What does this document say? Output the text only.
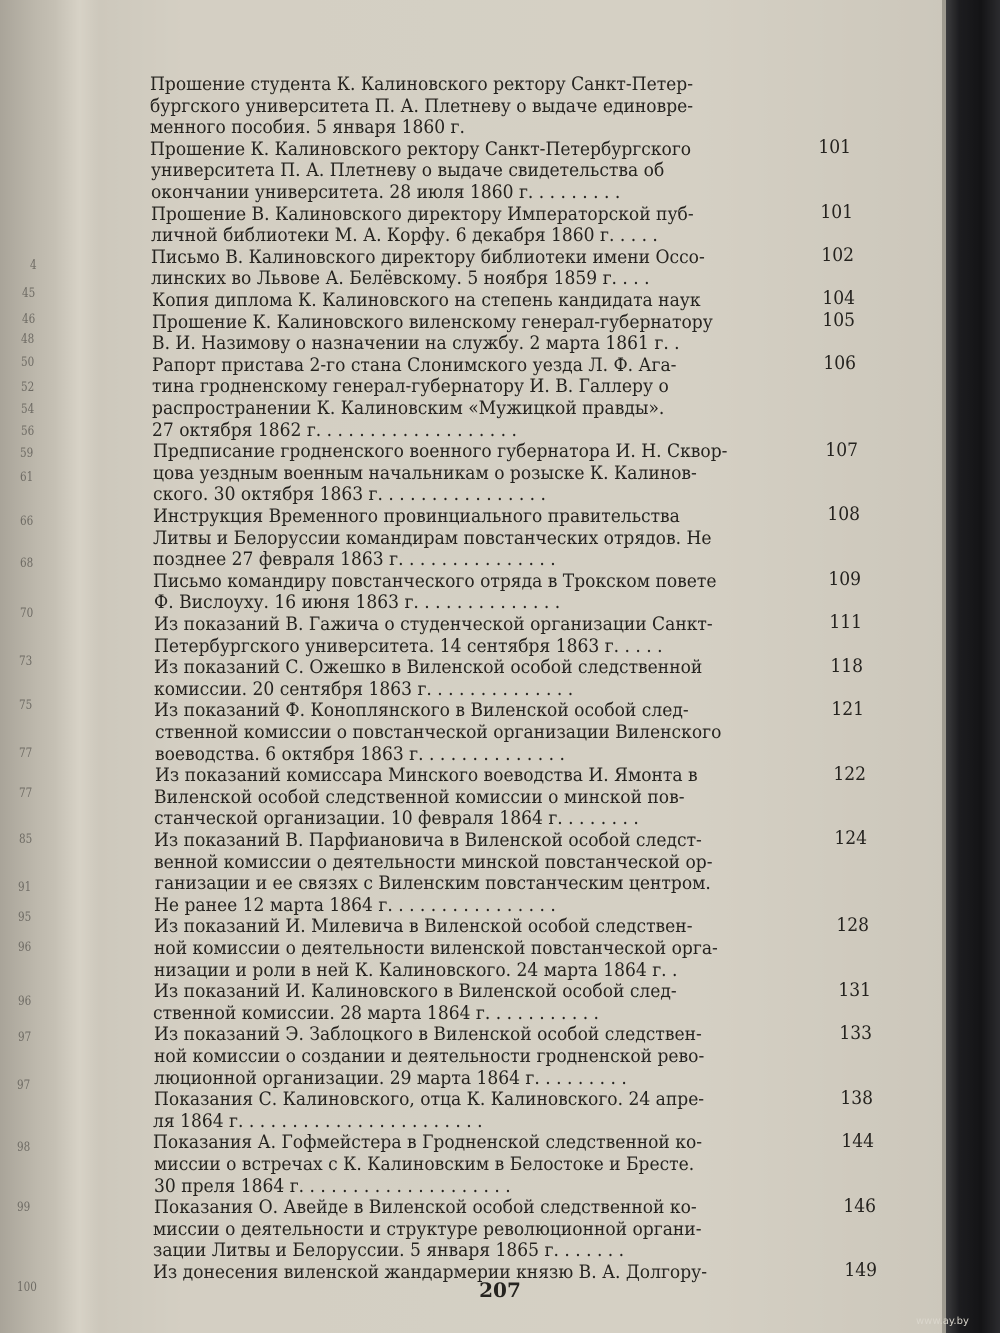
4
45
46
48
50
52
54
56
59
61
66
68
70
73
75
77
77
85
91
95
96
96
97
97
98
99
100
Прошение студента К. Калиновского ректору Санкт-Петер-
бургского университета П. А. Плетневу о выдаче единовре-
менного пособия. 5 января 1860 г.
Прошение К. Калиновского ректору Санкт-Петербургского
университета П. А. Плетневу о выдаче свидетельства об
окончании университета. 28 июля 1860 г. . . . . . . . .
Прошение В. Калиновского директору Императорской пуб-
личной библиотеки М. А. Корфу. 6 декабря 1860 г. . . . .
Письмо В. Калиновского директору библиотеки имени Оссо-
линских во Львове А. Белёвскому. 5 ноября 1859 г. . . .
Копия диплома К. Калиновского на степень кандидата наук
Прошение К. Калиновского виленскому генерал-губернатору
В. И. Назимову о назначении на службу. 2 марта 1861 г. .
Рапорт пристава 2-го стана Слонимского уезда Л. Ф. Ага-
тина гродненскому генерал-губернатору И. В. Галлеру о
распространении К. Калиновским «Мужицкой правды».
27 октября 1862 г. . . . . . . . . . . . . . . . . . .
Предписание гродненского военного губернатора И. Н. Сквор-
цова уездным военным начальникам о розыске К. Калинов-
ского. 30 октября 1863 г. . . . . . . . . . . . . . . .
Инструкция Временного провинциального правительства
Литвы и Белоруссии командирам повстанческих отрядов. Не
позднее 27 февраля 1863 г. . . . . . . . . . . . . . .
Письмо командиру повстанческого отряда в Трокском повете
Ф. Вислоуху. 16 июня 1863 г. . . . . . . . . . . . . .
Из показаний В. Гажича о студенческой организации Санкт-
Петербургского университета. 14 сентября 1863 г. . . . .
Из показаний С. Ожешко в Виленской особой следственной
комиссии. 20 сентября 1863 г. . . . . . . . . . . . . .
Из показаний Ф. Коноплянского в Виленской особой след-
ственной комиссии о повстанческой организации Виленского
воеводства. 6 октября 1863 г. . . . . . . . . . . . . .
Из показаний комиссара Минского воеводства И. Ямонта в
Виленской особой следственной комиссии о минской пов-
станческой организации. 10 февраля 1864 г. . . . . . . .
Из показаний В. Парфиановича в Виленской особой следст-
венной комиссии о деятельности минской повстанческой ор-
ганизации и ее связях с Виленским повстанческим центром.
Не ранее 12 марта 1864 г. . . . . . . . . . . . . . . .
Из показаний И. Милевича в Виленской особой следствен-
ной комиссии о деятельности виленской повстанческой орга-
низации и роли в ней К. Калиновского. 24 марта 1864 г. .
Из показаний И. Калиновского в Виленской особой след-
ственной комиссии. 28 марта 1864 г. . . . . . . . . . .
Из показаний Э. Заблоцкого в Виленской особой следствен-
ной комиссии о создании и деятельности гродненской рево-
люционной организации. 29 марта 1864 г. . . . . . . . .
Показания С. Калиновского, отца К. Калиновского. 24 апре-
ля 1864 г. . . . . . . . . . . . . . . . . . . . . . .
Показания А. Гофмейстера в Гродненской следственной ко-
миссии о встречах с К. Калиновским в Белостоке и Бресте.
30 преля 1864 г. . . . . . . . . . . . . . . . . . . .
Показания О. Авейде в Виленской особой следственной ко-
миссии о деятельности и структуре революционной органи-
зации Литвы и Белоруссии. 5 января 1865 г. . . . . . .
Из донесения виленской жандармерии князю В. А. Долгору-
101
101
102
104
105
106
107
108
109
111
118
121
122
124
128
131
133
138
144
146
149
207
www.ay.by
